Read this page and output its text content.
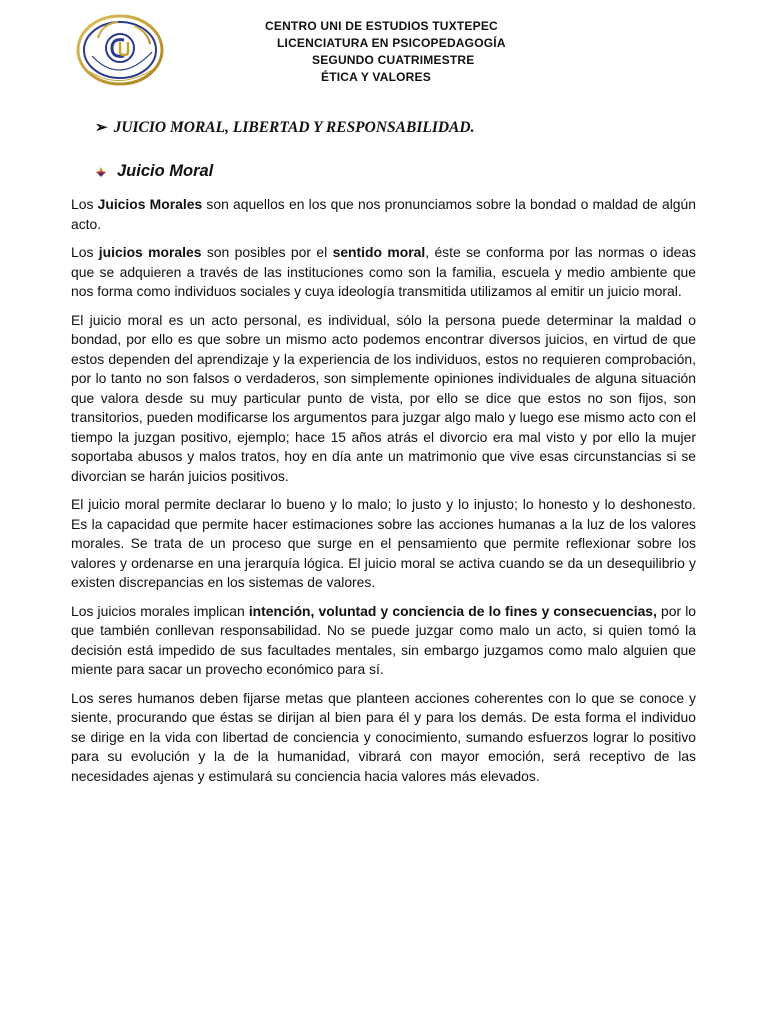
CENTRO UNI DE ESTUDIOS TUXTEPEC
LICENCIATURA EN PSICOPEDAGOGÍA
SEGUNDO CUATRIMESTRE
ÉTICA Y VALORES
➢ JUICIO MORAL, LIBERTAD Y RESPONSABILIDAD.
Juicio Moral

Los Juicios Morales son aquellos en los que nos pronunciamos sobre la bondad o maldad de algún acto.

Los juicios morales son posibles por el sentido moral, éste se conforma por las normas o ideas que se adquieren a través de las instituciones como son la familia, escuela y medio ambiente que nos forma como individuos sociales y cuya ideología transmitida utilizamos al emitir un juicio moral.

El juicio moral es un acto personal, es individual, sólo la persona puede determinar la maldad o bondad, por ello es que sobre un mismo acto podemos encontrar diversos juicios, en virtud de que estos dependen del aprendizaje y la experiencia de los individuos, estos no requieren comprobación, por lo tanto no son falsos o verdaderos, son simplemente opiniones individuales de alguna situación que valora desde su muy particular punto de vista, por ello se dice que estos no son fijos, son transitorios, pueden modificarse los argumentos para juzgar algo malo y luego ese mismo acto con el tiempo la juzgan positivo, ejemplo; hace 15 años atrás el divorcio era mal visto y por ello la mujer soportaba abusos y malos tratos, hoy en día ante un matrimonio que vive esas circunstancias si se divorcian se harán juicios positivos.

El juicio moral permite declarar lo bueno y lo malo; lo justo y lo injusto; lo honesto y lo deshonesto. Es la capacidad que permite hacer estimaciones sobre las acciones humanas a la luz de los valores morales. Se trata de un proceso que surge en el pensamiento que permite reflexionar sobre los valores y ordenarse en una jerarquía lógica. El juicio moral se activa cuando se da un desequilibrio y existen discrepancias en los sistemas de valores.

Los juicios morales implican intención, voluntad y conciencia de lo fines y consecuencias, por lo que también conllevan responsabilidad. No se puede juzgar como malo un acto, si quien tomó la decisión está impedido de sus facultades mentales, sin embargo juzgamos como malo alguien que miente para sacar un provecho económico para sí.

Los seres humanos deben fijarse metas que planteen acciones coherentes con lo que se conoce y siente, procurando que éstas se dirijan al bien para él y para los demás. De esta forma el individuo se dirige en la vida con libertad de conciencia y conocimiento, sumando esfuerzos lograr lo positivo para su evolución y la de la humanidad, vibrará con mayor emoción, será receptivo de las necesidades ajenas y estimulará su conciencia hacia valores más elevados.
